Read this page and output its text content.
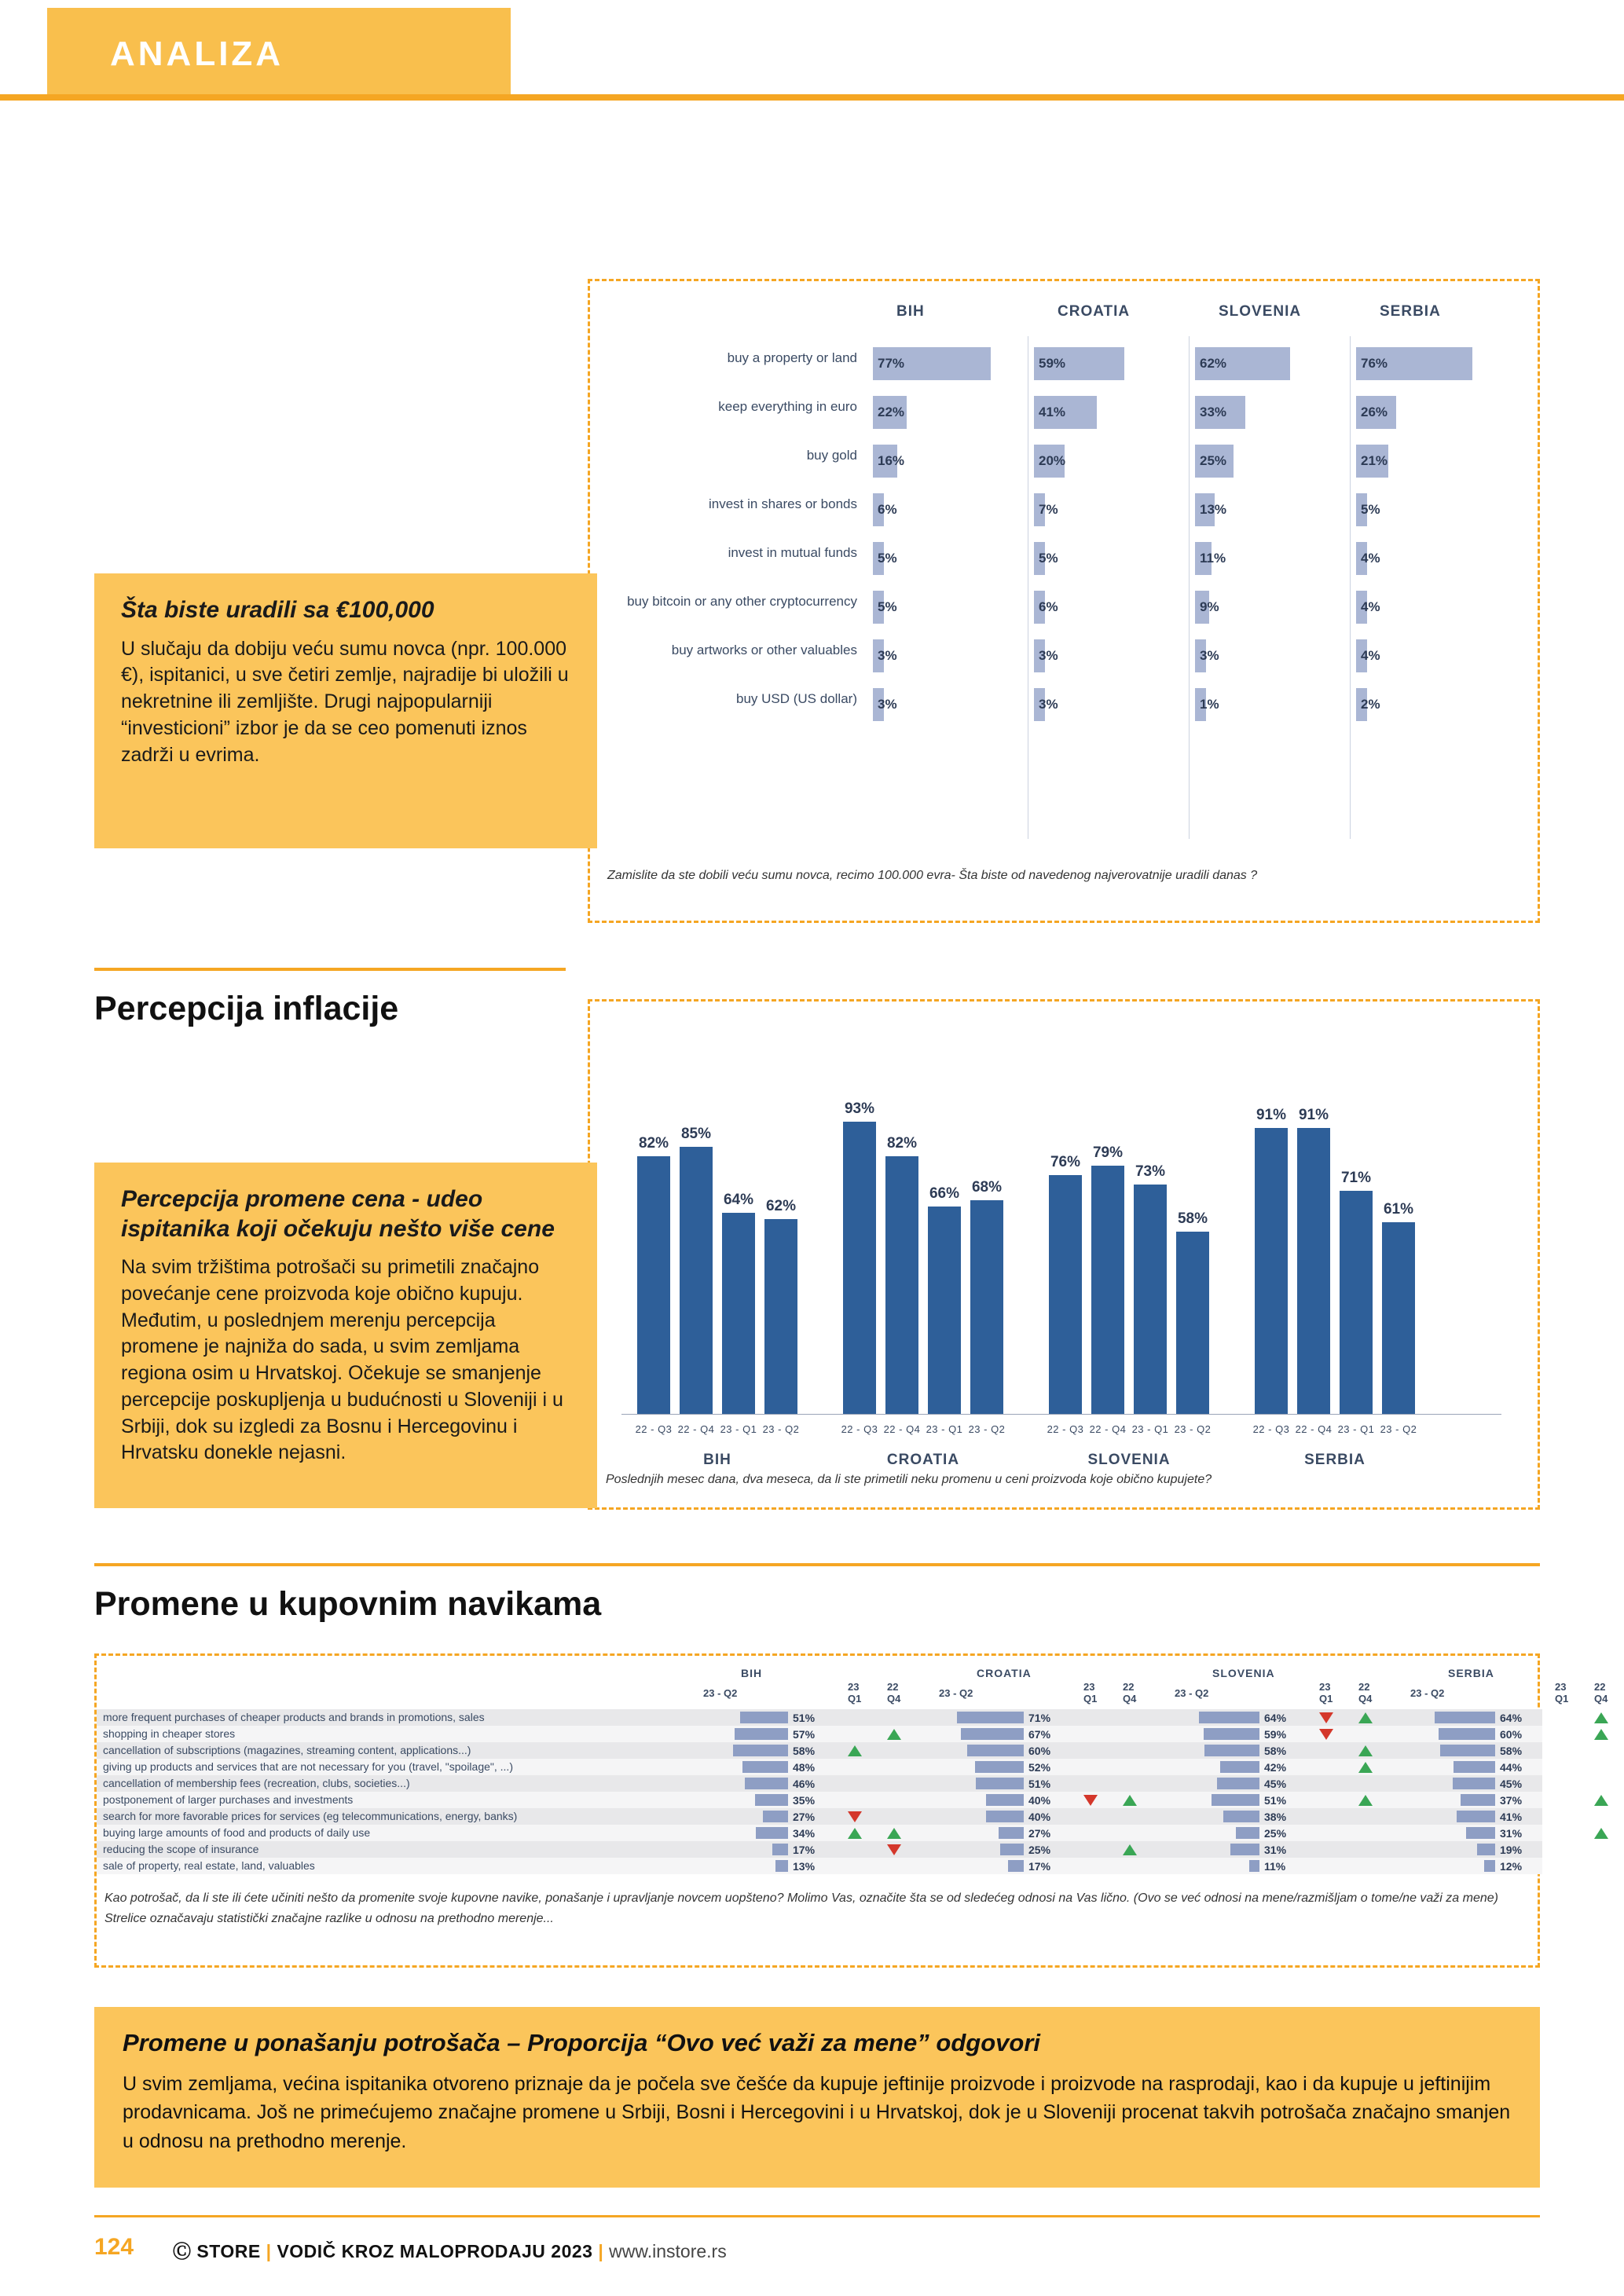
ANALIZA
BIH	CROATIA	SLOVENIA	SERBIA
buy a property or land 77%	59%	62%	76%
keep everything in euro 22%	41%	33%	26%
buy gold 16%	20%	25%	21%
invest in shares or bonds 6%	7%	13%	5%
invest in mutual funds 5%	5%	11%	4%
buy bitcoin or any other cryptocurrency 5%	6%	9%	4%
buy artworks or other valuables 3%	3%	3%	4%
buy USD (US dollar) 3%	3%	1%	2%
Zamislite da ste dobili veću sumu novca, recimo 100.000 evra- Šta biste od navedenog najverovatnije uradili danas ?
Šta biste uradili sa €100,000

U slučaju da dobiju veću sumu novca (npr. 100.000 €), ispitanici, u sve četiri zemlje, najradije bi uložili u nekretnine ili zemljište. Drugi najpopularniji “investicioni” izbor je da se ceo pomenuti iznos zadrži u evrima.

Percepcija inflacije
82%
22 - Q3
85%
22 - Q4
64%
23 - Q1
62%
23 - Q2
BIH
93%
22 - Q3
82%
22 - Q4
66%
23 - Q1
68%
23 - Q2
CROATIA
76%
22 - Q3
79%
22 - Q4
73%
23 - Q1
58%
23 - Q2
SLOVENIA
91%
22 - Q3
91%
22 - Q4
71%
23 - Q1
61%
23 - Q2
SERBIA
Poslednjih mesec dana, dva meseca, da li ste primetili neku promenu u ceni proizvoda koje obično kupujete?
Percepcija promene cena - udeo ispitanika koji očekuju nešto više cene

Na svim tržištima potrošači su primetili značajno povećanje cene proizvoda koje obično kupuju. Međutim, u poslednjem merenju percepcija promene je najniža do sada, u svim zemljama regiona osim u Hrvatskoj. Očekuje se smanjenje percepcije poskupljenja u budućnosti u Sloveniji i u Srbiji, dok su izgledi za Bosnu i Hercegovinu i Hrvatsku donekle nejasni.

Promene u kupovnim navikama
BIH
23 - Q2
23
Q1
22
Q4
CROATIA
23 - Q2
23
Q1
22
Q4
SLOVENIA
23 - Q2
23
Q1
22
Q4
SERBIA
23 - Q2
23
Q1
22
Q4
more frequent purchases of cheaper products and brands in promotions, sales	51%	71%	64%	64%
shopping in cheaper stores	57%	67%	59%	60%
cancellation of subscriptions (magazines, streaming content, applications...)	58%	60%	58%	58%
giving up products and services that are not necessary for you (travel, "spoilage", ...)	48%	52%	42%	44%
cancellation of membership fees (recreation, clubs, societies...)	46%	51%	45%	45%
postponement of larger purchases and investments	35%	40%	51%	37%
search for more favorable prices for services (eg telecommunications, energy, banks)	27%	40%	38%	41%
buying large amounts of food and products of daily use	34%	27%	25%	31%
reducing the scope of insurance	17%	25%	31%	19%
sale of property, real estate, land, valuables	13%	17%	11%	12%
Kao potrošač, da li ste ili ćete učiniti nešto da promenite svoje kupovne navike, ponašanje i upravljanje novcem uopšteno? Molimo Vas, označite šta se od sledećeg odnosi na Vas lično. (Ovo se već odnosi na mene/razmišljam o tome/ne važi za mene)
Strelice označavaju statistički značajne razlike u odnosu na prethodno merenje...
Promene u ponašanju potrošača – Proporcija “Ovo već važi za mene” odgovori

U svim zemljama, većina ispitanika otvoreno priznaje da je počela sve češće da kupuje jeftinije proizvode i proizvode na rasprodaji, kao i da kupuje u jeftinijim prodavnicama. Još ne primećujemo značajne promene u Srbiji, Bosni i Hercegovini i u Hrvatskoj, dok je u Sloveniji procenat takvih potrošača značajno smanjen u odnosu na prethodno merenje.

124 Ⓒ STORE | VODIČ KROZ MALOPRODAJU 2023 | www.instore.rs
